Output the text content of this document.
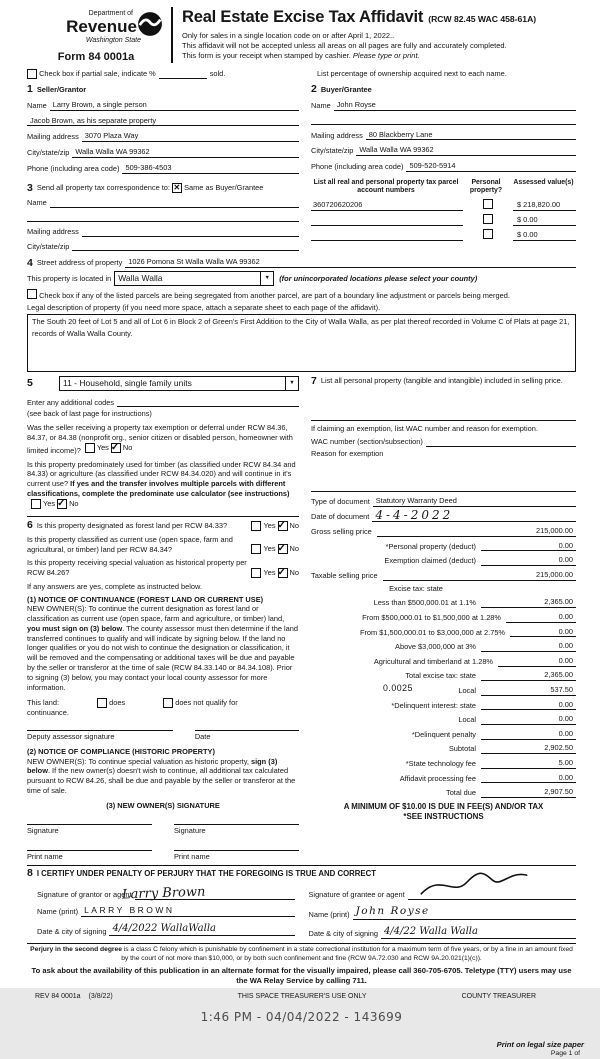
Department of
Revenue
Washington State
Form 84 0001a
Real Estate Excise Tax Affidavit (RCW 82.45 WAC 458-61A)
Only for sales in a single location code on or after April 1, 2022..
This affidavit will not be accepted unless all areas on all pages are fully and accurately completed.
This form is your receipt when stamped by cashier. Please type or print.

Check box if partial sale, indicate %	sold.	List percentage of ownership acquired next to each name.
1 Seller/Grantor
Name Larry Brown, a single person
Jacob Brown, as his separate property
Mailing address 3070 Plaza Way
City/state/zip Walla Walla WA 99362
Phone (including area code) 509-386-4503
3 Send all property tax correspondence to:
✕
Same as Buyer/Grantee
Name
Mailing address
City/state/zip
2 Buyer/Grantee
Name John Royse
Mailing address 80 Blackberry Lane
City/state/zip Walla Walla WA 99362
Phone (including area code) 509-520-5914
List all real and personal property tax parcel account numbers
Personal property?
Assessed value(s)
360720620206	$ 218,820.00
$ 0.00
$ 0.00
4 Street address of property 1026 Pomona St Walla Walla WA 99362
This property is located in Walla Walla	▼	(for unincorporated locations please select your county)
Check box if any of the listed parcels are being segregated from another parcel, are part of a boundary line adjustment or parcels being merged.
Legal description of property (if you need more space, attach a separate sheet to each page of the affidavit).
The South 20 feet of Lot 5 and all of Lot 6 in Block 2 of Green's First Addition to the City of Walla Walla, as per plat thereof recorded in Volume C of Plats at page 21, records of Walla Walla County.
5	11 - Household, single family units	▼
Enter any additional codes
(see back of last page for instructions)
Was the seller receiving a property tax exemption or deferral under RCW 84.36, 84.37, or 84.38 (nonprofit org., senior citizen or disabled person, homeowner with limited income)? Yes ✓ No
Is this property predominately used for timber (as classified under RCW 84.34 and 84.33) or agriculture (as classified under RCW 84.34.020) and will continue in it's current use? If yes and the transfer involves multiple parcels with different classifications, complete the predominate use calculator (see instructions)
Yes ✓ No
6 Is this property designated as forest land per RCW 84.33?	Yes ✓ No
Is this property classified as current use (open space, farm and agricultural, or timber) land per RCW 84.34?	Yes ✓ No
Is this property receiving special valuation as historical property per RCW 84.26?	Yes ✓ No
If any answers are yes, complete as instructed below.
(1) NOTICE OF CONTINUANCE (FOREST LAND OR CURRENT USE)
NEW OWNER(S): To continue the current designation as forest land or classification as current use (open space, farm and agriculture, or timber) land, you must sign on (3) below. The county assessor must then determine if the land transferred continues to qualify and will indicate by signing below. If the land no longer qualifies or you do not wish to continue the designation or classification, it will be removed and the compensating or additional taxes will be due and payable by the seller or transferor at the time of sale (RCW 84.33.140 or 84.34.108). Prior to signing (3) below, you may contact your local county assessor for more information.
This land:
	does
	does not qualify for
continuance.
Deputy assessor signature	Date
(2) NOTICE OF COMPLIANCE (HISTORIC PROPERTY)
NEW OWNER(S): To continue special valuation as historic property, sign (3) below. If the new owner(s) doesn't wish to continue, all additional tax calculated pursuant to RCW 84.26, shall be due and payable by the seller or transferor at the time of sale.
(3) NEW OWNER(S) SIGNATURE
Signature	Signature
Print name	Print name
7 List all personal property (tangible and intangible) included in selling price.
If claiming an exemption, list WAC number and reason for exemption.
WAC number (section/subsection)
Reason for exemption
Type of document Statutory Warranty Deed
Date of document 4-4-2022
Gross selling price	215,000.00
*Personal property (deduct)	0.00
Exemption claimed (deduct)	0.00
Taxable selling price	215,000.00
Excise tax: state
Less than $500,000.01 at 1.1%	2,365.00
From $500,000.01 to $1,500,000 at 1.28%	0.00
From $1,500,000.01 to $3,000,000 at 2.75%	0.00
Above $3,000,000 at 3%	0.00
Agricultural and timberland at 1.28%	0.00
Total excise tax: state	2,365.00
0.0025	Local	537.50
*Delinquent interest: state	0.00
Local	0.00
*Delinquent penalty	0.00
Subtotal	2,902.50
*State technology fee	5.00
Affidavit processing fee	0.00
Total due	2,907.50
A MINIMUM OF $10.00 IS DUE IN FEE(S) AND/OR TAX
*SEE INSTRUCTIONS
8 I CERTIFY UNDER PENALTY OF PERJURY THAT THE FOREGOING IS TRUE AND CORRECT
Signature of grantor or agent
Larry Brown
Name (print) LARRY BROWN
Date & city of signing 4/4/2022 WallaWalla
Signature of grantee or agent
Name (print) John Royse
Date & city of signing 4/4/22 Walla Walla
Perjury in the second degree is a class C felony which is punishable by confinement in a state correctional institution for a maximum term of five years, or by a fine in an amount fixed by the court of not more than $10,000, or by both such confinement and fine (RCW 9A.72.030 and RCW 9A.20.021(1)(c)).
To ask about the availability of this publication in an alternate format for the visually impaired, please call 360-705-6705. Teletype (TTY) users may use the WA Relay Service by calling 711.
REV 84 0001a (3/8/22)	THIS SPACE TREASURER'S USE ONLY	COUNTY TREASURER
1:46 PM - 04/04/2022 - 143699
Print on legal size paper
Page 1 of
